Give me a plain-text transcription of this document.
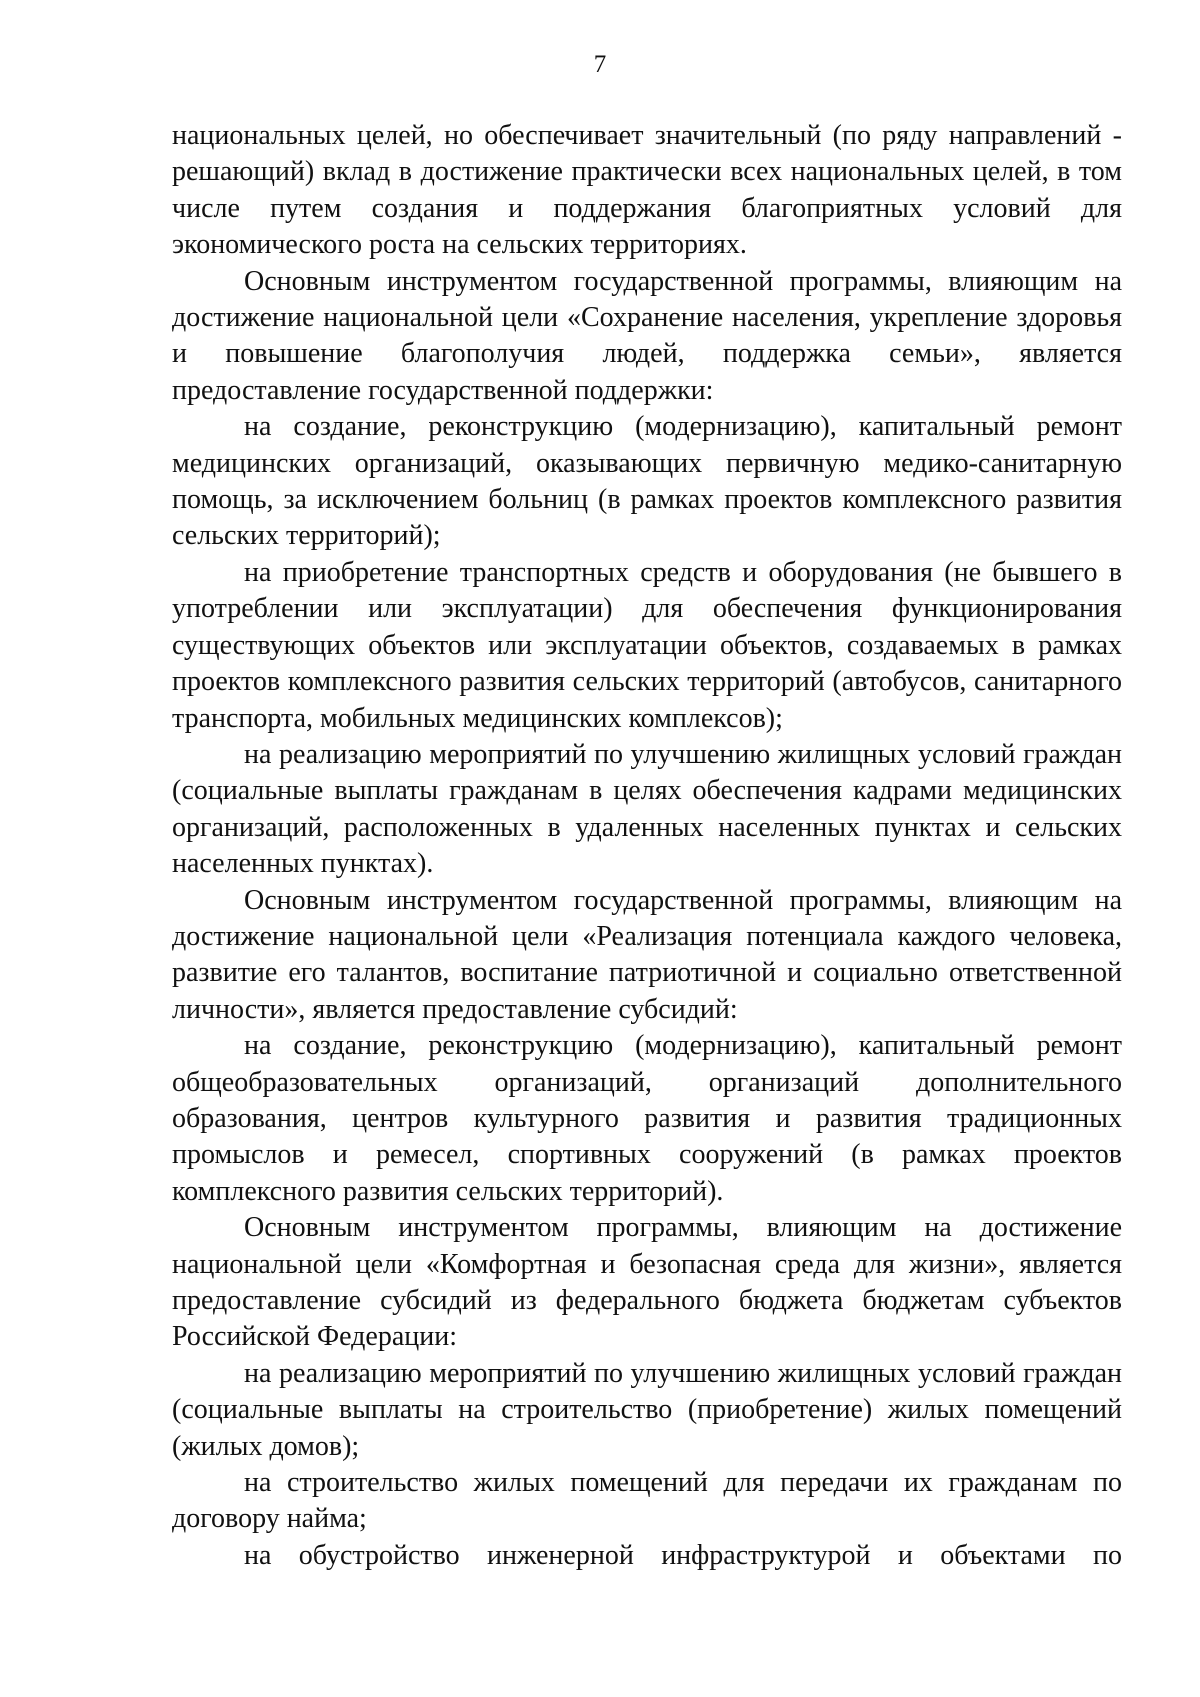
7

национальных целей, но обеспечивает значительный (по ряду направлений - решающий) вклад в достижение практически всех национальных целей, в том числе путем создания и поддержания благоприятных условий для экономического роста на сельских территориях.

Основным инструментом государственной программы, влияющим на достижение национальной цели «Сохранение населения, укрепление здоровья и повышение благополучия людей, поддержка семьи», является предоставление государственной поддержки:

на создание, реконструкцию (модернизацию), капитальный ремонт медицинских организаций, оказывающих первичную медико-санитарную помощь, за исключением больниц (в рамках проектов комплексного развития сельских территорий);

на приобретение транспортных средств и оборудования (не бывшего в употреблении или эксплуатации) для обеспечения функционирования существующих объектов или эксплуатации объектов, создаваемых в рамках проектов комплексного развития сельских территорий (автобусов, санитарного транспорта, мобильных медицинских комплексов);

на реализацию мероприятий по улучшению жилищных условий граждан (социальные выплаты гражданам в целях обеспечения кадрами медицинских организаций, расположенных в удаленных населенных пунктах и сельских населенных пунктах).

Основным инструментом государственной программы, влияющим на достижение национальной цели «Реализация потенциала каждого человека, развитие его талантов, воспитание патриотичной и социально ответственной личности», является предоставление субсидий:

на создание, реконструкцию (модернизацию), капитальный ремонт общеобразовательных организаций, организаций дополнительного образования, центров культурного развития и развития традиционных промыслов и ремесел, спортивных сооружений (в рамках проектов комплексного развития сельских территорий).

Основным инструментом программы, влияющим на достижение национальной цели «Комфортная и безопасная среда для жизни», является предоставление субсидий из федерального бюджета бюджетам субъектов Российской Федерации:

на реализацию мероприятий по улучшению жилищных условий граждан (социальные выплаты на строительство (приобретение) жилых помещений (жилых домов);

на строительство жилых помещений для передачи их гражданам по договору найма;

на обустройство инженерной инфраструктурой и объектами по
